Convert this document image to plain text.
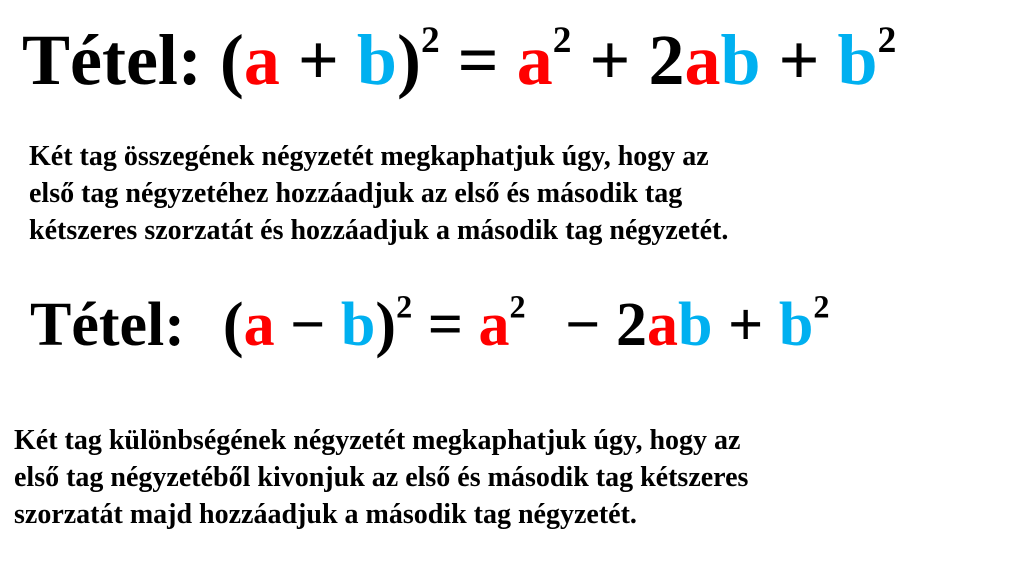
Tétel: $(a + b)^2 = a^2 + 2ab + b^2$
Két tag összegének négyzetét megkaphatjuk úgy, hogy az
első tag négyzetéhez hozzáadjuk az első és második tag
kétszeres szorzatát és hozzáadjuk a második tag négyzetét.
Tétel: $(a - b)^2 = a^2 - 2ab + b^2$
Két tag különbségének négyzetét megkaphatjuk úgy, hogy az
első tag négyzetéből kivonjuk az első és második tag kétszeres
szorzatát majd hozzáadjuk a második tag négyzetét.
